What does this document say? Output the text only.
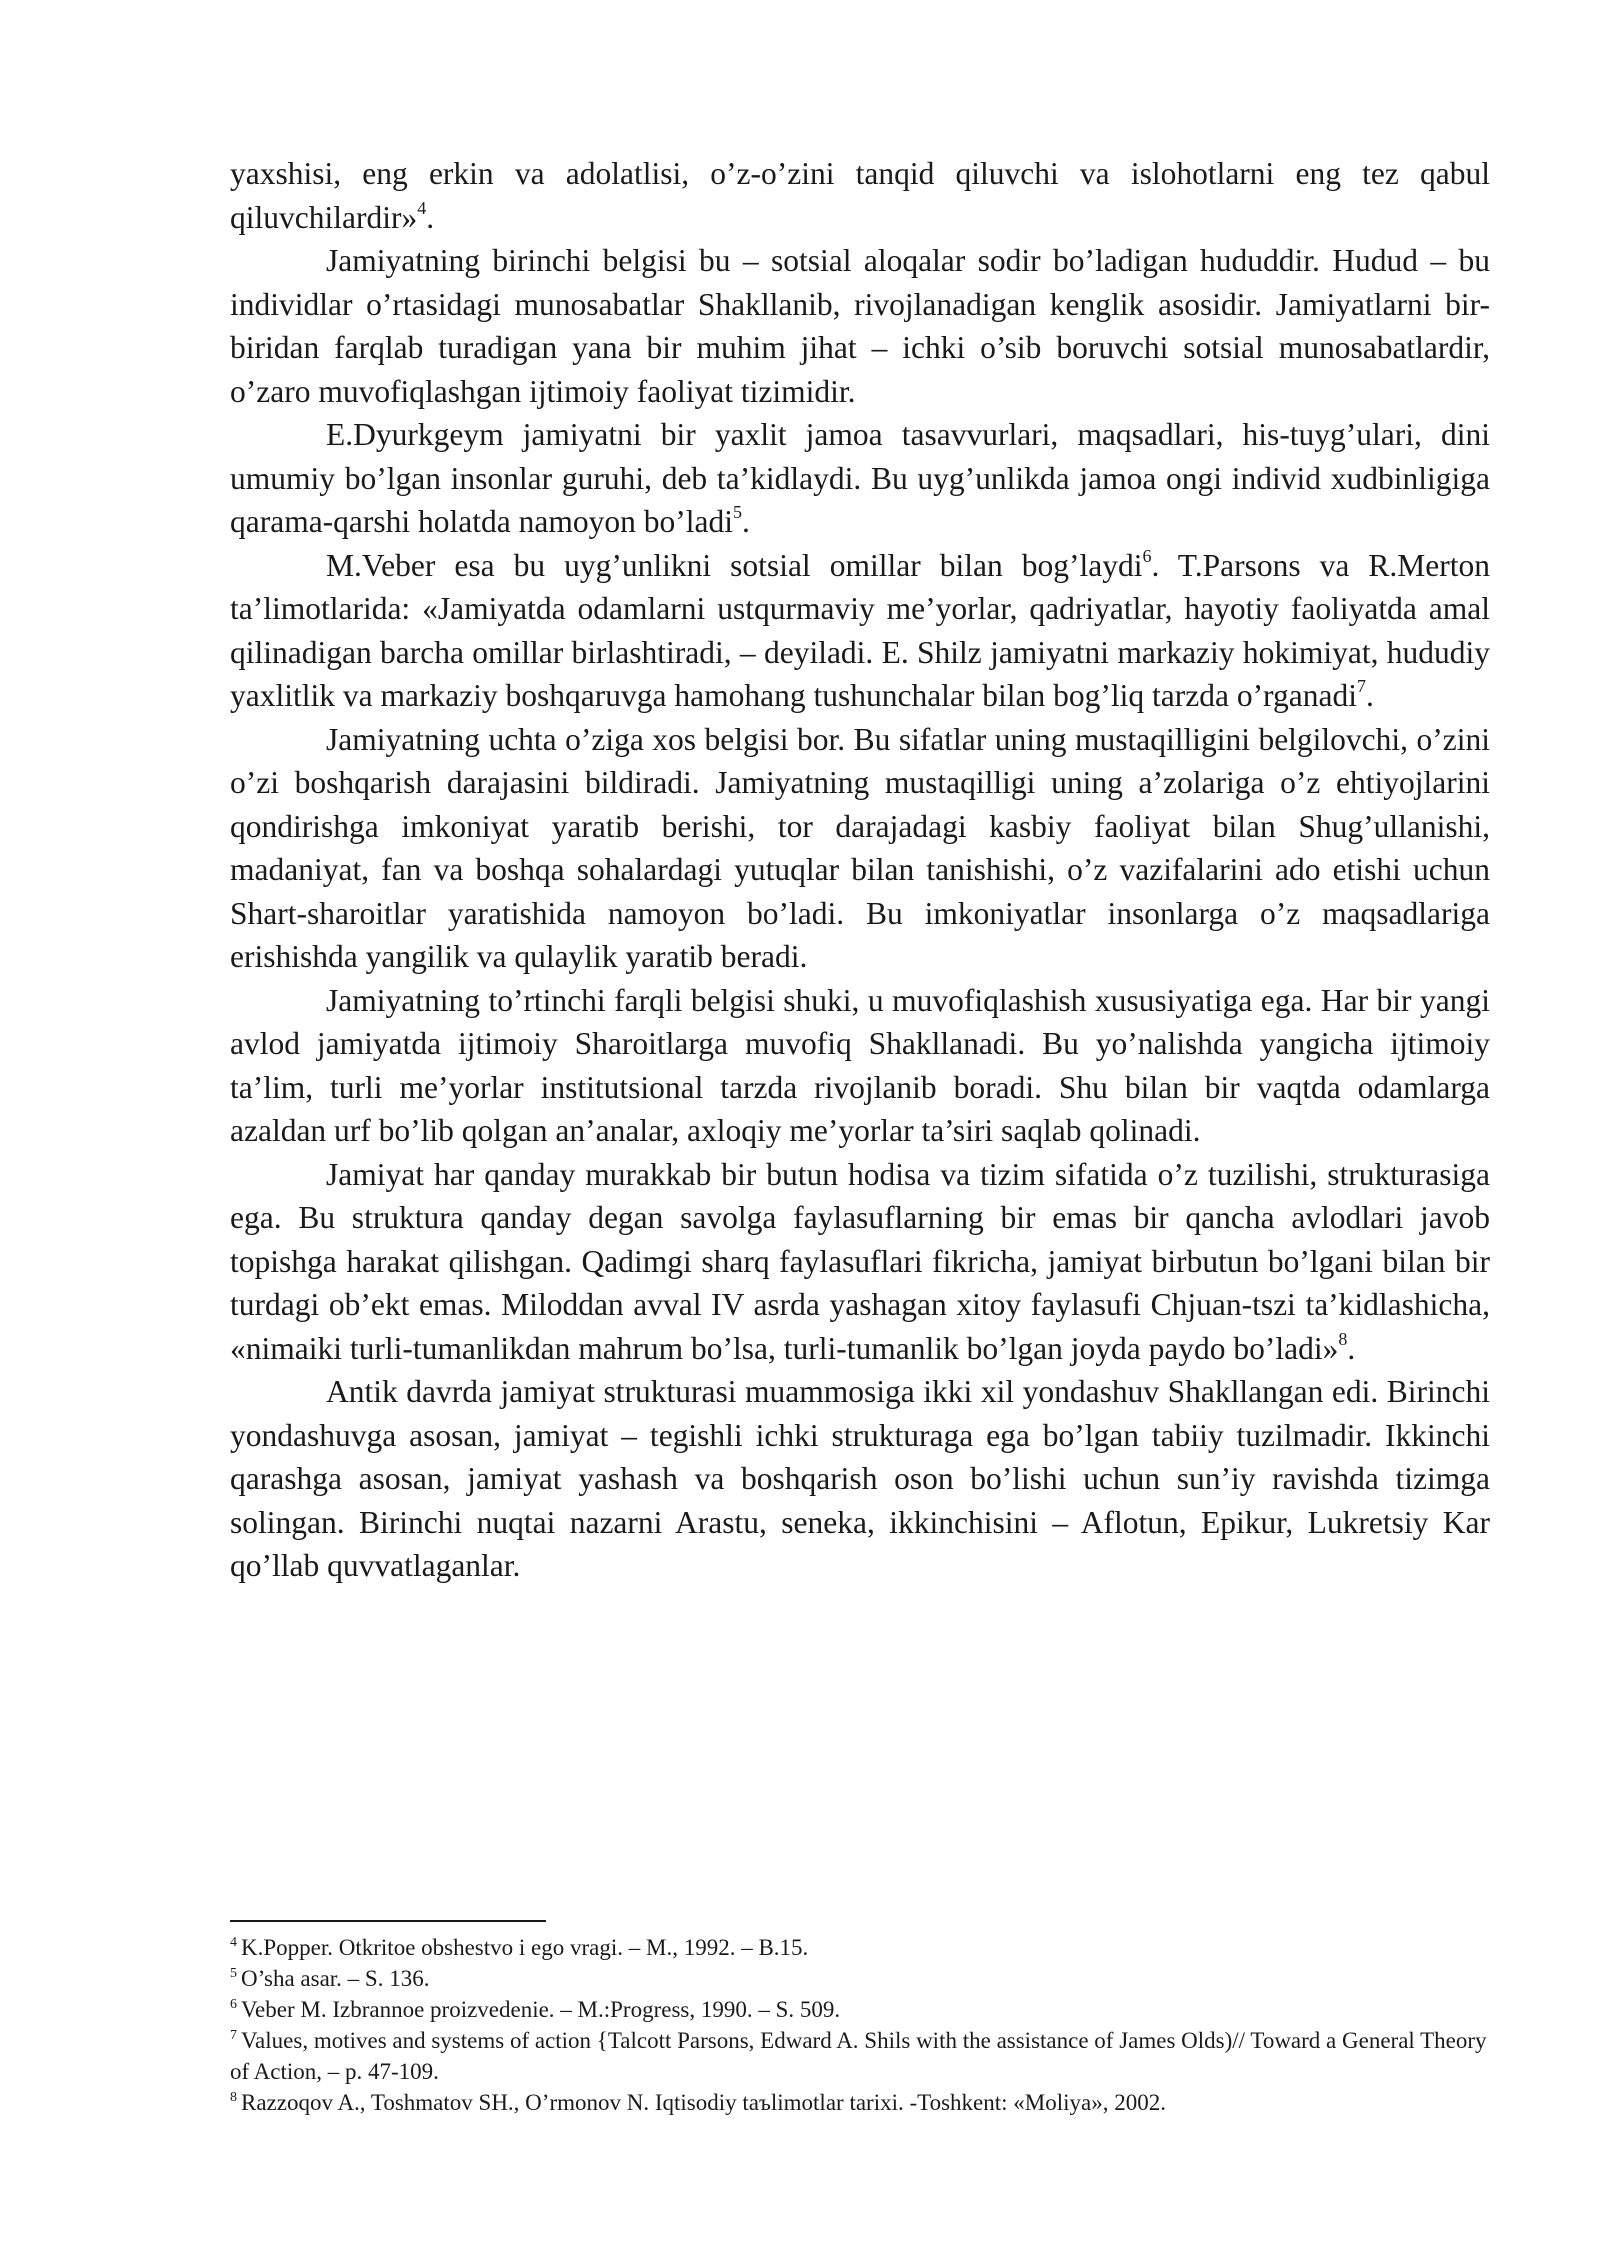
yaxshisi, eng erkin va adolatlisi, o’z-o’zini tanqid qiluvchi va islohotlarni eng tez qabul qiluvchilardir»$^4$.

Jamiyatning birinchi belgisi bu – sotsial aloqalar sodir bo’ladigan hududdir. Hudud – bu individlar o’rtasidagi munosabatlar Shakllanib, rivojlanadigan kenglik asosidir. Jamiyatlarni bir-biridan farqlab turadigan yana bir muhim jihat – ichki o’sib boruvchi sotsial munosabatlardir, o’zaro muvofiqlashgan ijtimoiy faoliyat tizimidir.

E.Dyurkgeym jamiyatni bir yaxlit jamoa tasavvurlari, maqsadlari, his-tuyg’ulari, dini umumiy bo’lgan insonlar guruhi, deb ta’kidlaydi. Bu uyg’unlikda jamoa ongi individ xudbinligiga qarama-qarshi holatda namoyon bo’ladi$^5$.

M.Veber esa bu uyg’unlikni sotsial omillar bilan bog’laydi$^6$. T.Parsons va R.Merton ta’limotlarida: «Jamiyatda odamlarni ustqurmaviy me’yorlar, qadriyatlar, hayotiy faoliyatda amal qilinadigan barcha omillar birlashtiradi, – deyiladi. E. Shilz jamiyatni markaziy hokimiyat, hududiy yaxlitlik va markaziy boshqaruvga hamohang tushunchalar bilan bog’liq tarzda o’rganadi$^7$.

Jamiyatning uchta o’ziga xos belgisi bor. Bu sifatlar uning mustaqilligini belgilovchi, o’zini o’zi boshqarish darajasini bildiradi. Jamiyatning mustaqilligi uning a’zolariga o’z ehtiyojlarini qondirishga imkoniyat yaratib berishi, tor darajadagi kasbiy faoliyat bilan Shug’ullanishi, madaniyat, fan va boshqa sohalardagi yutuqlar bilan tanishishi, o’z vazifalarini ado etishi uchun Shart-sharoitlar yaratishida namoyon bo’ladi. Bu imkoniyatlar insonlarga o’z maqsadlariga erishishda yangilik va qulaylik yaratib beradi.

Jamiyatning to’rtinchi farqli belgisi shuki, u muvofiqlashish xususiyatiga ega. Har bir yangi avlod jamiyatda ijtimoiy Sharoitlarga muvofiq Shakllanadi. Bu yo’nalishda yangicha ijtimoiy ta’lim, turli me’yorlar institutsional tarzda rivojlanib boradi. Shu bilan bir vaqtda odamlarga azaldan urf bo’lib qolgan an’analar, axloqiy me’yorlar ta’siri saqlab qolinadi.

Jamiyat har qanday murakkab bir butun hodisa va tizim sifatida o’z tuzilishi, strukturasiga ega. Bu struktura qanday degan savolga faylasuflarning bir emas bir qancha avlodlari javob topishga harakat qilishgan. Qadimgi sharq faylasuflari fikricha, jamiyat birbutun bo’lgani bilan bir turdagi ob’ekt emas. Miloddan avval IV asrda yashagan xitoy faylasufi Chjuan-tszi ta’kidlashicha, «nimaiki turli-tumanlikdan mahrum bo’lsa, turli-tumanlik bo’lgan joyda paydo bo’ladi»$^8$.

Antik davrda jamiyat strukturasi muammosiga ikki xil yondashuv Shakllangan edi. Birinchi yondashuvga asosan, jamiyat – tegishli ichki strukturaga ega bo’lgan tabiiy tuzilmadir. Ikkinchi qarashga asosan, jamiyat yashash va boshqarish oson bo’lishi uchun sun’iy ravishda tizimga solingan. Birinchi nuqtai nazarni Arastu, seneka, ikkinchisini – Aflotun, Epikur, Lukretsiy Kar qo’llab quvvatlaganlar.

$^4$ K.Popper. Otkritoe obshestvo i ego vragi. – M., 1992. – B.15.

$^5$ O’sha asar. – S. 136.

$^6$ Veber M. Izbrannoe proizvedenie. – M.:Progress, 1990. – S. 509.

$^7$ Values, motives and systems of action {Talcott Parsons, Edward A. Shils with the assistance of James Olds)// Toward a General Theory of Action, – p. 47-109.

$^8$ Razzoqov A., Toshmatov SH., O’rmonov N. Iqtisodiy taъlimotlar tarixi. -Toshkent: «Moliya», 2002.
